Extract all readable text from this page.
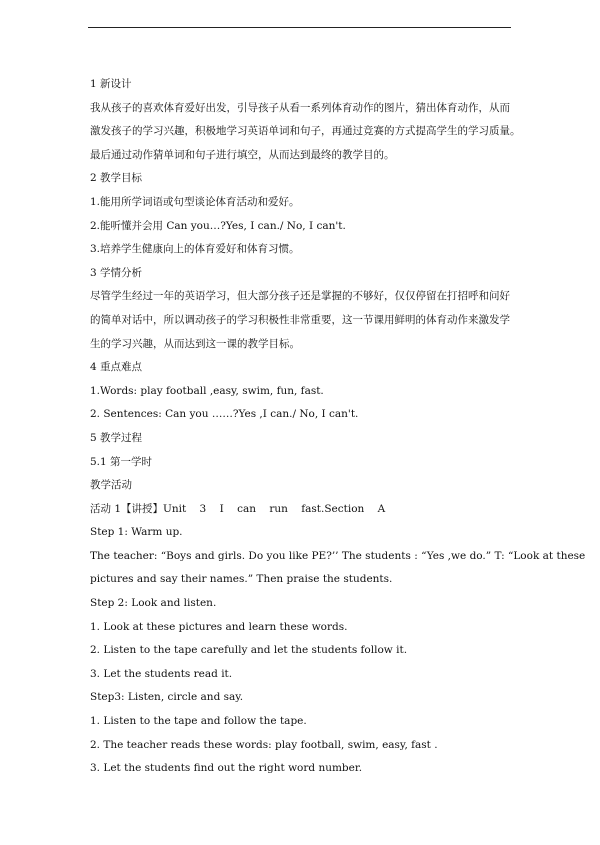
1 新设计
我从孩子的喜欢体育爱好出发，引导孩子从看一系列体育动作的图片，猜出体育动作，从而
激发孩子的学习兴趣，积极地学习英语单词和句子，再通过竞赛的方式提高学生的学习质量。
最后通过动作猜单词和句子进行填空，从而达到最终的教学目的。
2 教学目标
1.能用所学词语或句型谈论体育活动和爱好。
2.能听懂并会用 Can you…?Yes, I can./ No, I can't.
3.培养学生健康向上的体育爱好和体育习惯。
3 学情分析
尽管学生经过一年的英语学习，但大部分孩子还是掌握的不够好，仅仅停留在打招呼和问好
的简单对话中，所以调动孩子的学习积极性非常重要，这一节课用鲜明的体育动作来激发学
生的学习兴趣，从而达到这一课的教学目标。
4 重点难点
1.Words: play football ,easy, swim, fun, fast.
2. Sentences: Can you ……?Yes ,I can./ No, I can't.
5 教学过程
5.1 第一学时
教学活动
活动 1【讲授】Unit    3    I    can    run    fast.Section    A
Step 1: Warm up.
The teacher: “Boys and girls. Do you like PE?’’ The students : “Yes ,we do.” T: “Look at these
pictures and say their names.” Then praise the students.
Step 2: Look and listen.
1. Look at these pictures and learn these words.
2. Listen to the tape carefully and let the students follow it.
3. Let the students read it.
Step3: Listen, circle and say.
1. Listen to the tape and follow the tape.
2. The teacher reads these words: play football, swim, easy, fast .
3. Let the students find out the right word number.
